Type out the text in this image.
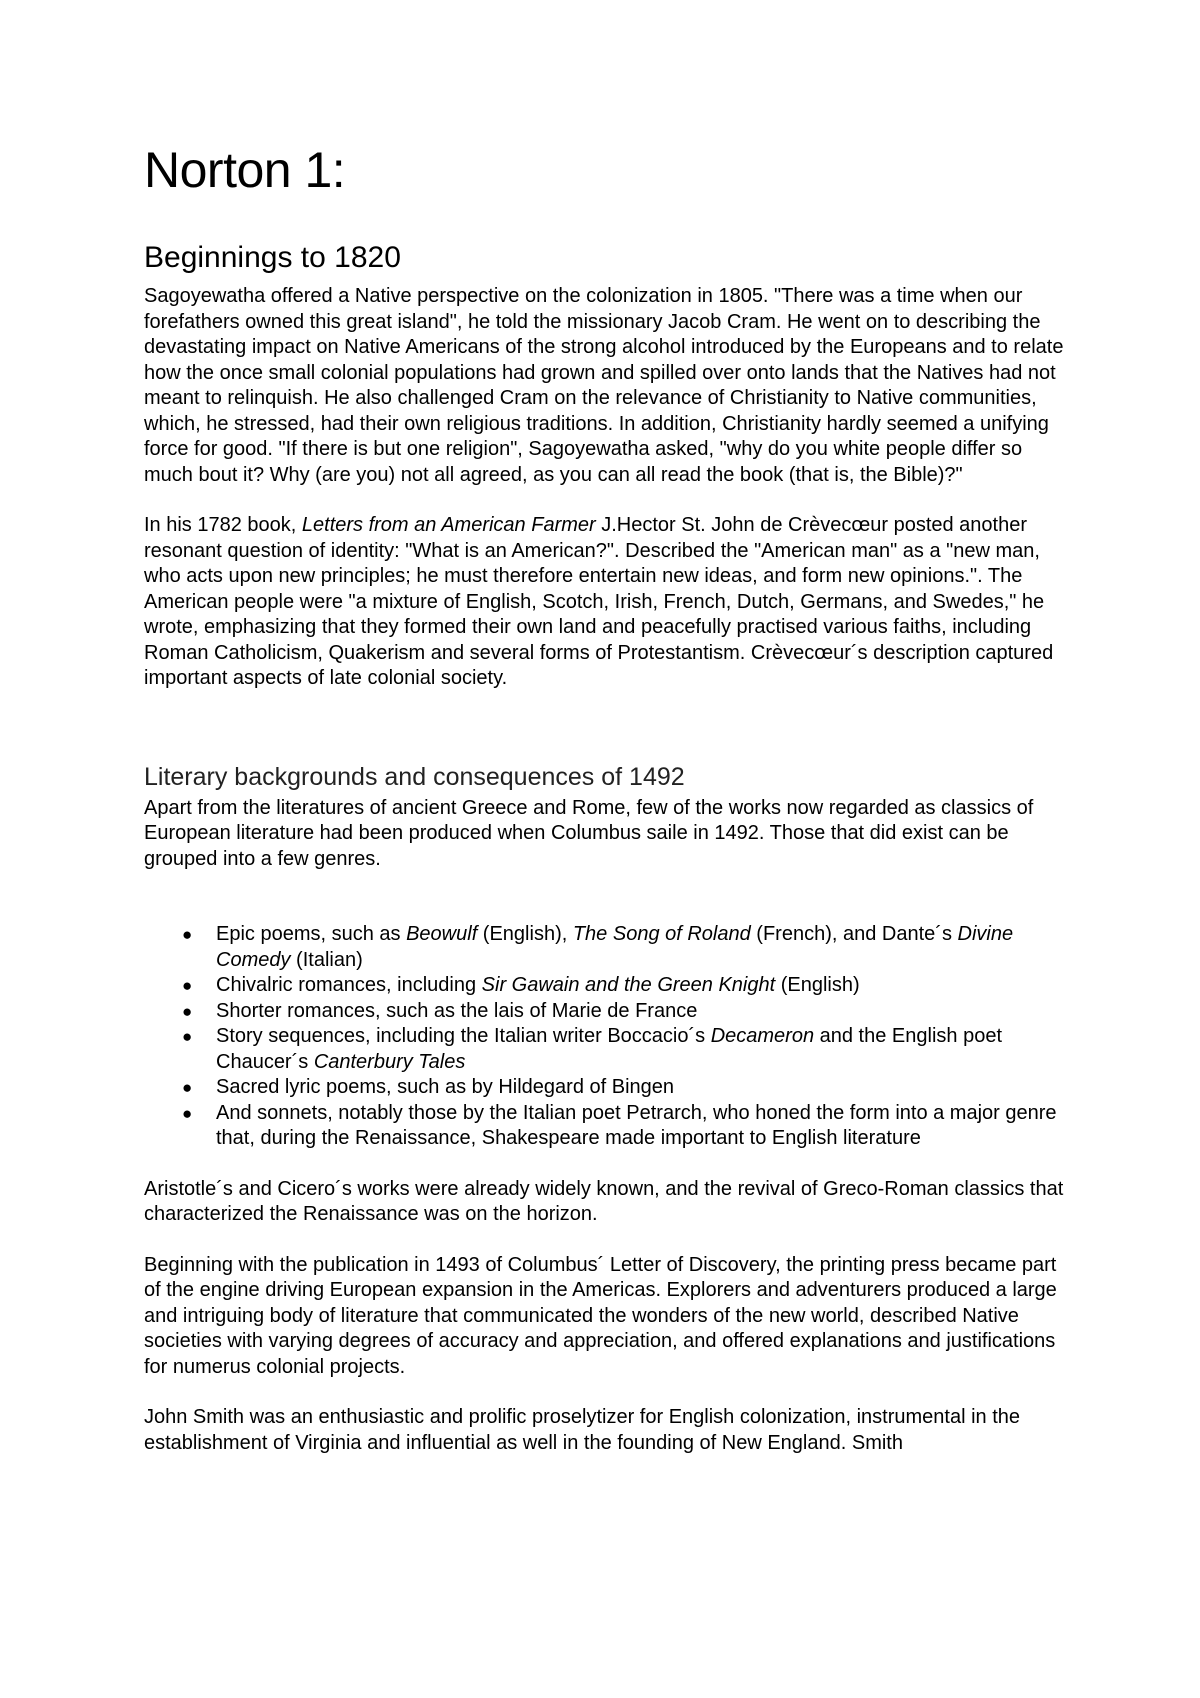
Norton 1:
Beginnings to 1820

Sagoyewatha offered a Native perspective on the colonization in 1805. "There was a time when our forefathers owned this great island", he told the missionary Jacob Cram. He went on to describing the devastating impact on Native Americans of the strong alcohol introduced by the Europeans and to relate how the once small colonial populations had grown and spilled over onto lands that the Natives had not meant to relinquish. He also challenged Cram on the relevance of Christianity to Native communities, which, he stressed, had their own religious traditions. In addition, Christianity hardly seemed a unifying force for good. "If there is but one religion", Sagoyewatha asked, "why do you white people differ so much bout it? Why (are you) not all agreed, as you can all read the book (that is, the Bible)?"

In his 1782 book, Letters from an American Farmer J.Hector St. John de Crèvecœur posted another resonant question of identity: "What is an American?". Described the "American man" as a "new man, who acts upon new principles; he must therefore entertain new ideas, and form new opinions.". The American people were "a mixture of English, Scotch, Irish, French, Dutch, Germans, and Swedes," he wrote, emphasizing that they formed their own land and peacefully practised various faiths, including Roman Catholicism, Quakerism and several forms of Protestantism. Crèvecœur´s description captured important aspects of late colonial society.

Literary backgrounds and consequences of 1492

Apart from the literatures of ancient Greece and Rome, few of the works now regarded as classics of European literature had been produced when Columbus saile in 1492. Those that did exist can be grouped into a few genres.

● Epic poems, such as Beowulf (English), The Song of Roland (French), and Dante´s Divine Comedy (Italian)
● Chivalric romances, including Sir Gawain and the Green Knight (English)
● Shorter romances, such as the lais of Marie de France
● Story sequences, including the Italian writer Boccacio´s Decameron and the English poet Chaucer´s Canterbury Tales
● Sacred lyric poems, such as by Hildegard of Bingen
● And sonnets, notably those by the Italian poet Petrarch, who honed the form into a major genre that, during the Renaissance, Shakespeare made important to English literature

Aristotle´s and Cicero´s works were already widely known, and the revival of Greco-Roman classics that characterized the Renaissance was on the horizon.

Beginning with the publication in 1493 of Columbus´ Letter of Discovery, the printing press became part of the engine driving European expansion in the Americas. Explorers and adventurers produced a large and intriguing body of literature that communicated the wonders of the new world, described Native societies with varying degrees of accuracy and appreciation, and offered explanations and justifications for numerus colonial projects.

John Smith was an enthusiastic and prolific proselytizer for English colonization, instrumental in the establishment of Virginia and influential as well in the founding of New England. Smith
